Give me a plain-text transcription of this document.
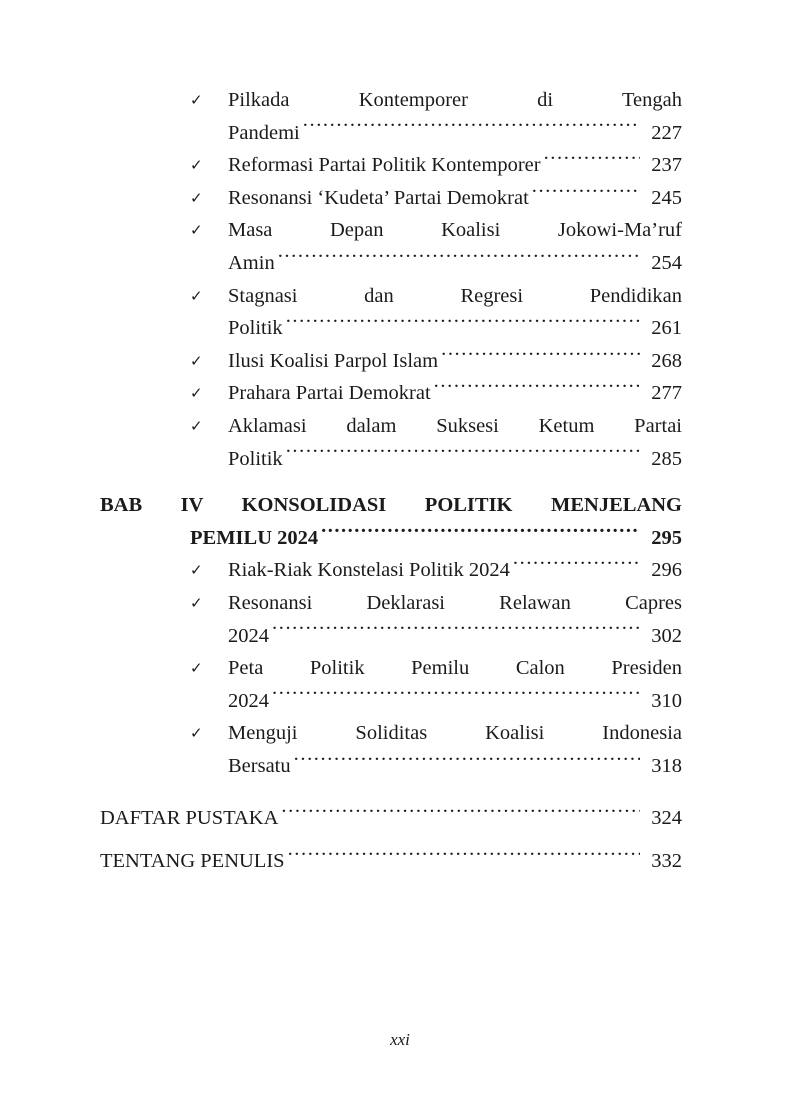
✓	Pilkada Kontemporer di Tengah
Pandemi .....	227
✓	Reformasi Partai Politik Kontemporer .....	237
✓	Resonansi ‘Kudeta’ Partai Demokrat .....	245
✓	Masa Depan Koalisi Jokowi-Ma’ruf
Amin .....	254
✓	Stagnasi dan Regresi Pendidikan
Politik .....	261
✓	Ilusi Koalisi Parpol Islam .....	268
✓	Prahara Partai Demokrat .....	277
✓	Aklamasi dalam Suksesi Ketum Partai
Politik .....	285
BAB IV KONSOLIDASI POLITIK MENJELANG
PEMILU 2024 .....	295
✓	Riak-Riak Konstelasi Politik 2024 .....	296
✓	Resonansi Deklarasi Relawan Capres
2024 .....	302
✓	Peta Politik Pemilu Calon Presiden
2024 .....	310
✓	Menguji Soliditas Koalisi Indonesia
Bersatu .....	318
DAFTAR PUSTAKA .....	324
TENTANG PENULIS .....	332
xxi
